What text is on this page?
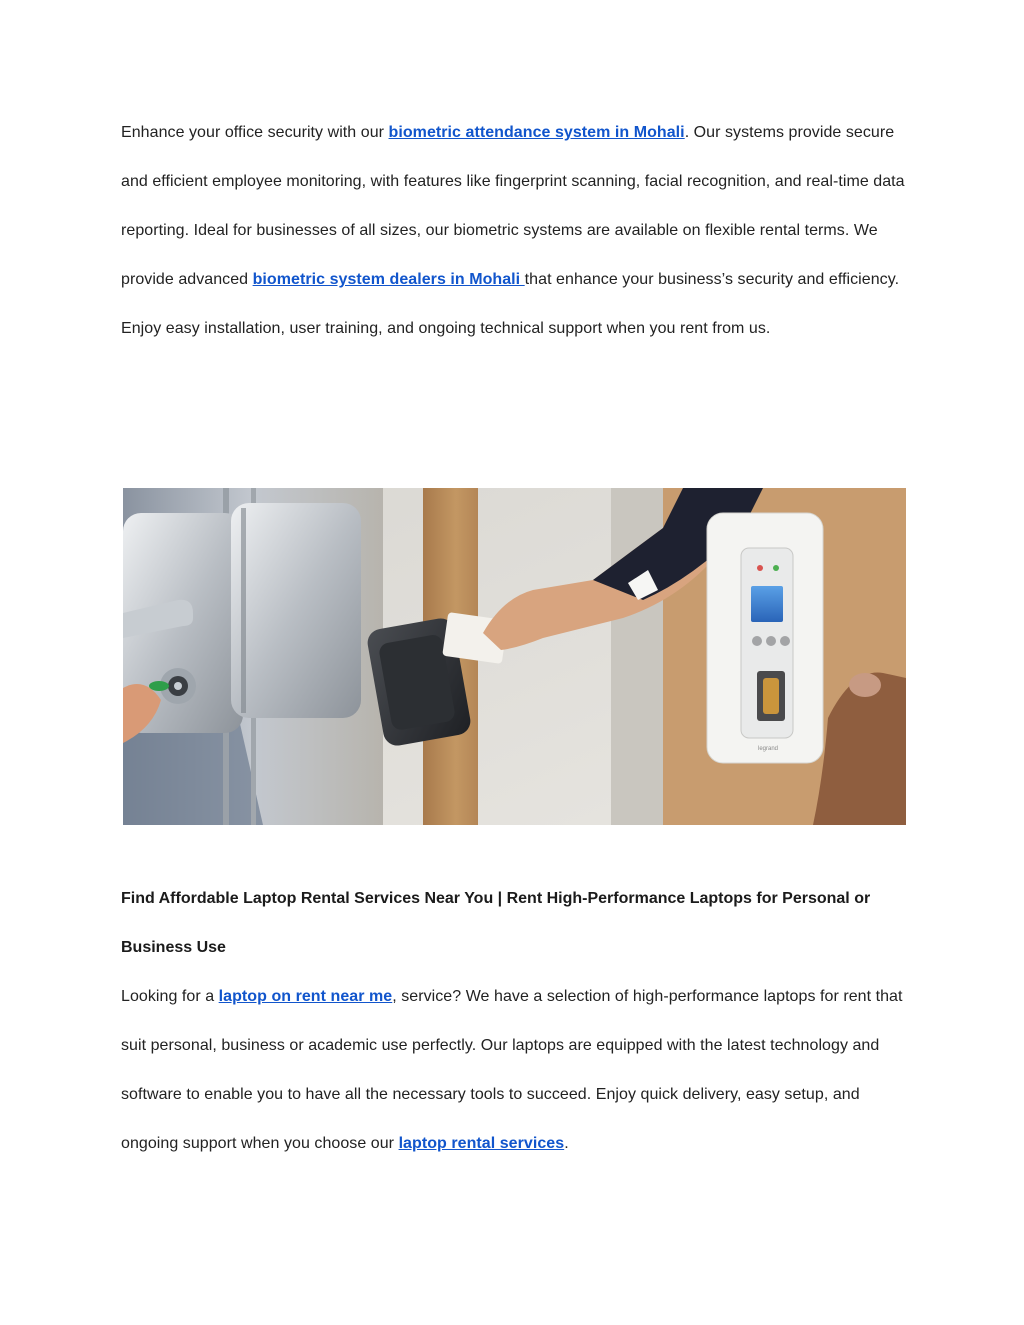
Enhance your office security with our biometric attendance system in Mohali. Our systems provide secure and efficient employee monitoring, with features like fingerprint scanning, facial recognition, and real-time data reporting. Ideal for businesses of all sizes, our biometric systems are available on flexible rental terms. We provide advanced biometric system dealers in Mohali that enhance your business’s security and efficiency. Enjoy easy installation, user training, and ongoing technical support when you rent from us.

legrand
Find Affordable Laptop Rental Services Near You | Rent High-Performance Laptops for Personal or Business Use

Looking for a laptop on rent near me, service? We have a selection of high-performance laptops for rent that suit personal, business or academic use perfectly. Our laptops are equipped with the latest technology and software to enable you to have all the necessary tools to succeed. Enjoy quick delivery, easy setup, and ongoing support when you choose our laptop rental services.
